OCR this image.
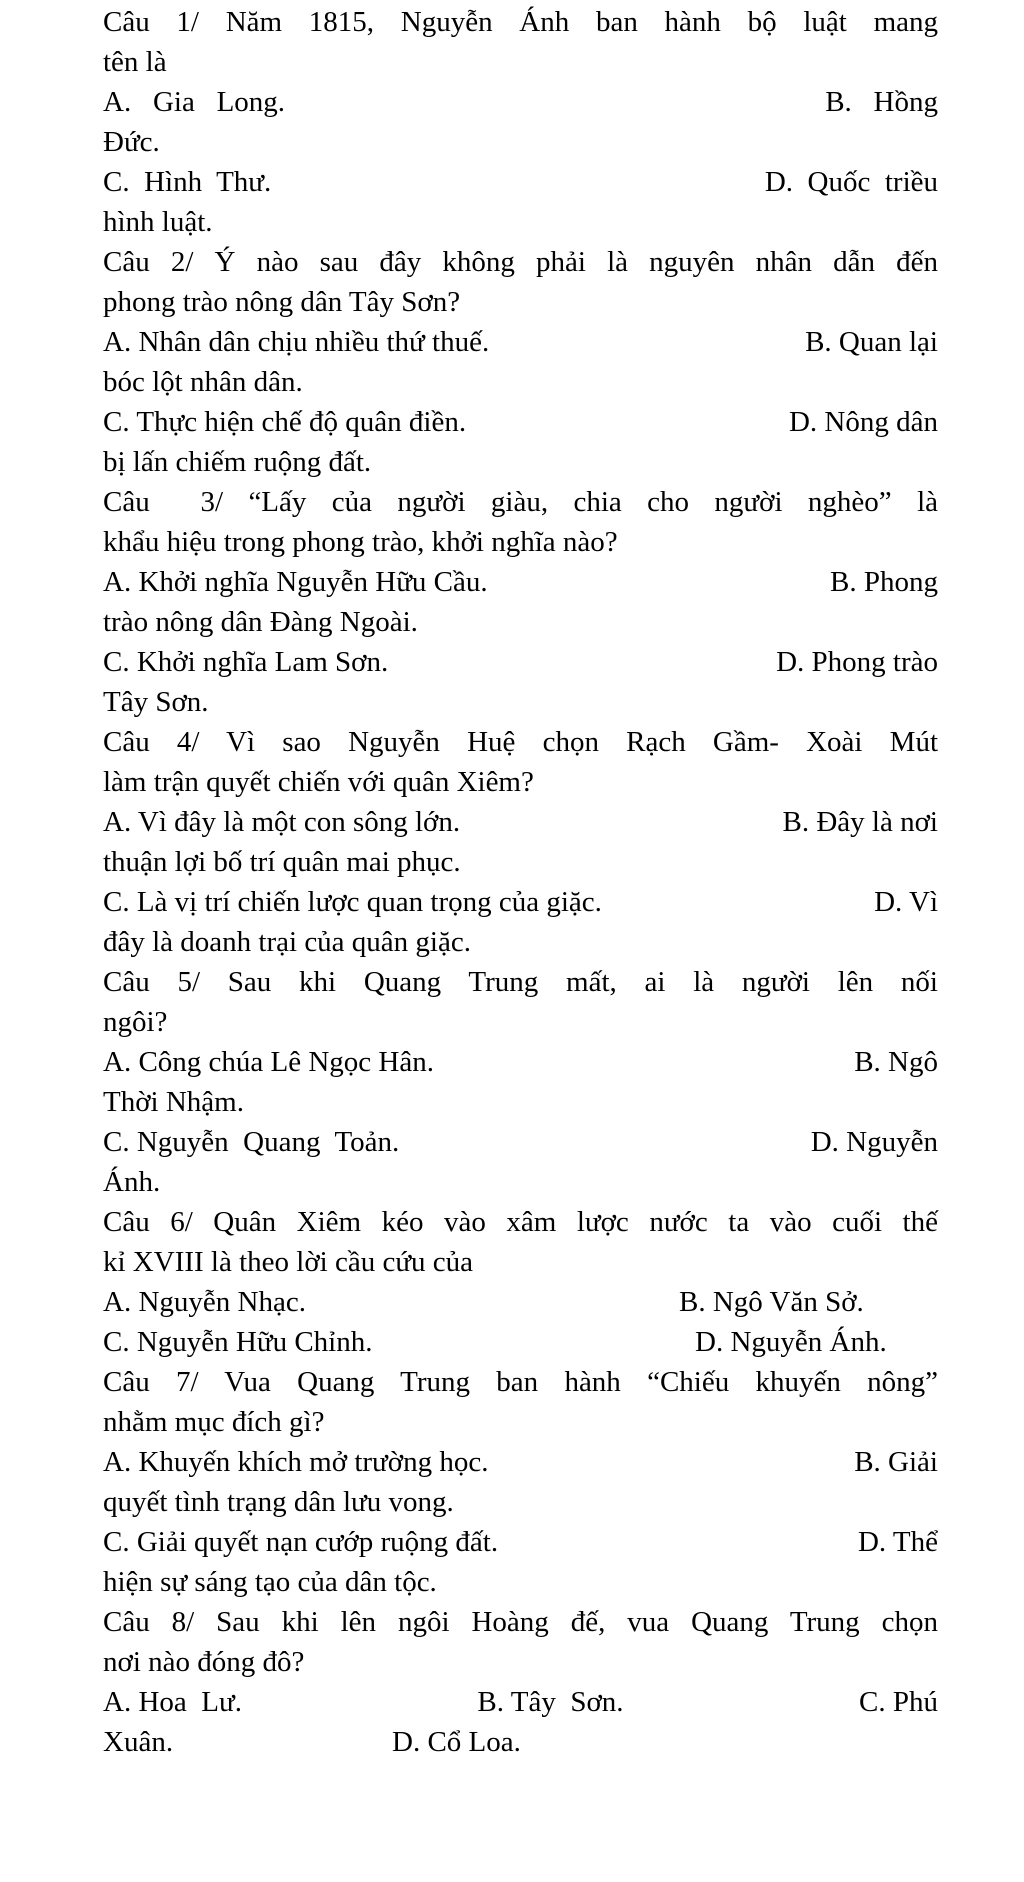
Câu 1/ Năm 1815, Nguyễn Ánh ban hành bộ luật mang
tên là
A.   Gia   Long.	B.   Hồng
Đức.
C.  Hình  Thư.	D.  Quốc  triều
hình luật.
Câu 2/ Ý nào sau đây không phải là nguyên nhân dẫn đến
phong trào nông dân Tây Sơn?
A. Nhân dân chịu nhiều thứ thuế.	B. Quan lại
bóc lột nhân dân.
C. Thực hiện chế độ quân điền.	D. Nông dân
bị lấn chiếm ruộng đất.
Câu  3/ “Lấy của người giàu, chia cho người nghèo” là
khẩu hiệu trong phong trào, khởi nghĩa nào?
A. Khởi nghĩa Nguyễn Hữu Cầu.	B. Phong
trào nông dân Đàng Ngoài.
C. Khởi nghĩa Lam Sơn.	D. Phong trào
Tây Sơn.
Câu 4/ Vì sao Nguyễn Huệ chọn Rạch Gầm- Xoài Mút
làm trận quyết chiến với quân Xiêm?
A. Vì đây là một con sông lớn.	B. Đây là nơi
thuận lợi bố trí quân mai phục.
C. Là vị trí chiến lược quan trọng của giặc.	D. Vì
đây là doanh trại của quân giặc.
Câu 5/ Sau khi Quang Trung mất, ai là người lên nối
ngôi?
A. Công chúa Lê Ngọc Hân.	B. Ngô
Thời Nhậm.
C. Nguyễn  Quang  Toản.	D. Nguyễn
Ánh.
Câu 6/ Quân Xiêm kéo vào xâm lược nước ta vào cuối thế
kỉ XVIII là theo lời cầu cứu của

A. Nguyễn Nhạc.

	B. Ngô Văn Sở.

C. Nguyễn Hữu Chỉnh.

	D. Nguyễn Ánh.

Câu 7/ Vua Quang Trung ban hành “Chiếu khuyến nông”
nhằm mục đích gì?
A. Khuyến khích mở trường học.	B. Giải
quyết tình trạng dân lưu vong.
C. Giải quyết nạn cướp ruộng đất.	D. Thể
hiện sự sáng tạo của dân tộc.
Câu 8/ Sau khi lên ngôi Hoàng đế, vua Quang Trung chọn
nơi nào đóng đô?
A. Hoa  Lư.	B. Tây  Sơn.	C. Phú

Xuân.

	D. Cổ Loa.
